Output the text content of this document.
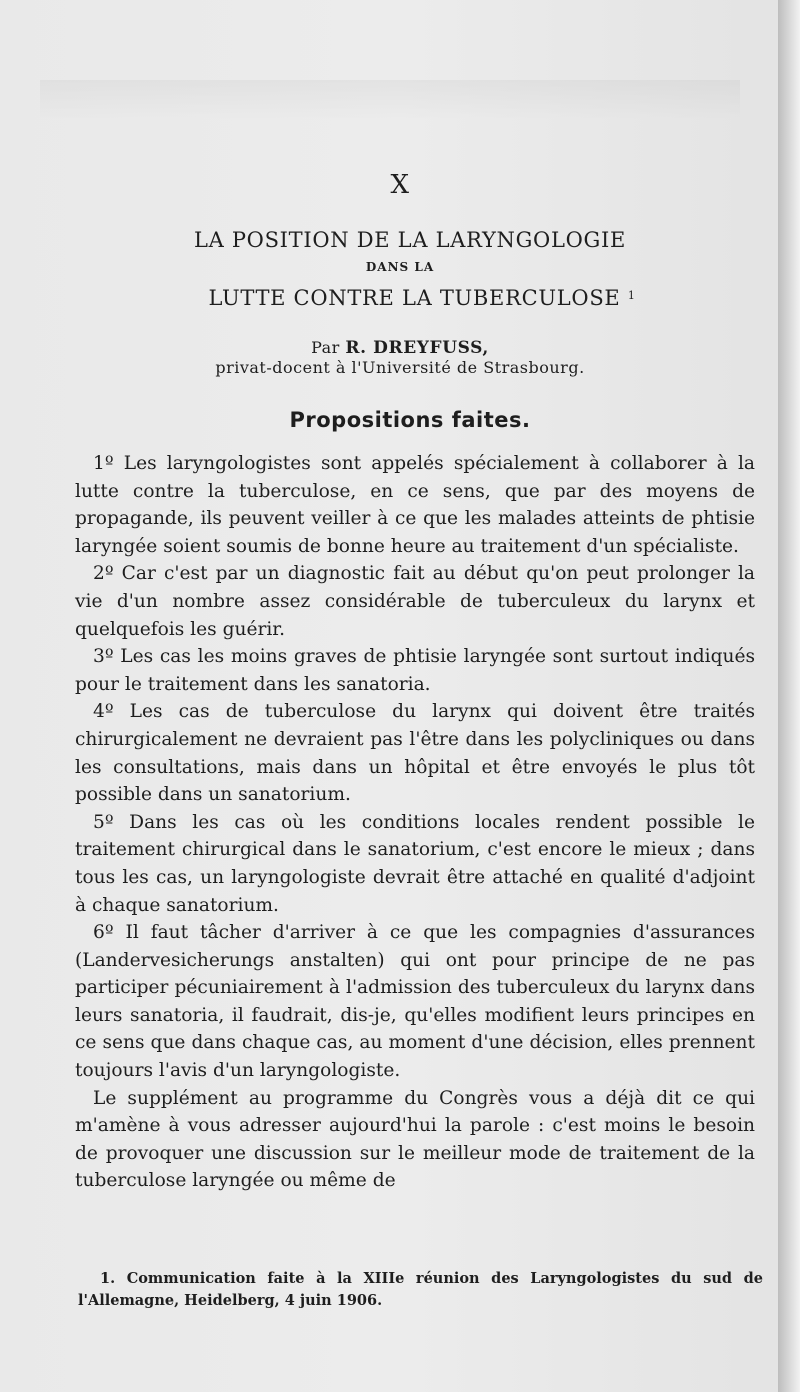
X
LA POSITION DE LA LARYNGOLOGIE
DANS LA
LUTTE CONTRE LA TUBERCULOSE $^1$
Par R. DREYFUSS,
privat-docent à l'Université de Strasbourg.
Propositions faites.

1º Les laryngologistes sont appelés spécialement à collaborer à la lutte contre la tuberculose, en ce sens, que par des moyens de propagande, ils peuvent veiller à ce que les malades atteints de phtisie laryngée soient soumis de bonne heure au traitement d'un spécialiste.

2º Car c'est par un diagnostic fait au début qu'on peut prolonger la vie d'un nombre assez considérable de tuberculeux du larynx et quelquefois les guérir.

3º Les cas les moins graves de phtisie laryngée sont surtout indiqués pour le traitement dans les sanatoria.

4º Les cas de tuberculose du larynx qui doivent être traités chirurgicalement ne devraient pas l'être dans les polycliniques ou dans les consultations, mais dans un hôpital et être envoyés le plus tôt possible dans un sanatorium.

5º Dans les cas où les conditions locales rendent possible le traitement chirurgical dans le sanatorium, c'est encore le mieux ; dans tous les cas, un laryngologiste devrait être attaché en qualité d'adjoint à chaque sanatorium.

6º Il faut tâcher d'arriver à ce que les compagnies d'assurances (Landervesicherungs anstalten) qui ont pour principe de ne pas participer pécuniairement à l'admission des tuberculeux du larynx dans leurs sanatoria, il faudrait, dis-je, qu'elles modifient leurs principes en ce sens que dans chaque cas, au moment d'une décision, elles prennent toujours l'avis d'un laryngologiste.

Le supplément au programme du Congrès vous a déjà dit ce qui m'amène à vous adresser aujourd'hui la parole : c'est moins le besoin de provoquer une discussion sur le meilleur mode de traitement de la tuberculose laryngée ou même de

1. Communication faite à la XIIIe réunion des Laryngologistes du sud de l'Allemagne, Heidelberg, 4 juin 1906.
